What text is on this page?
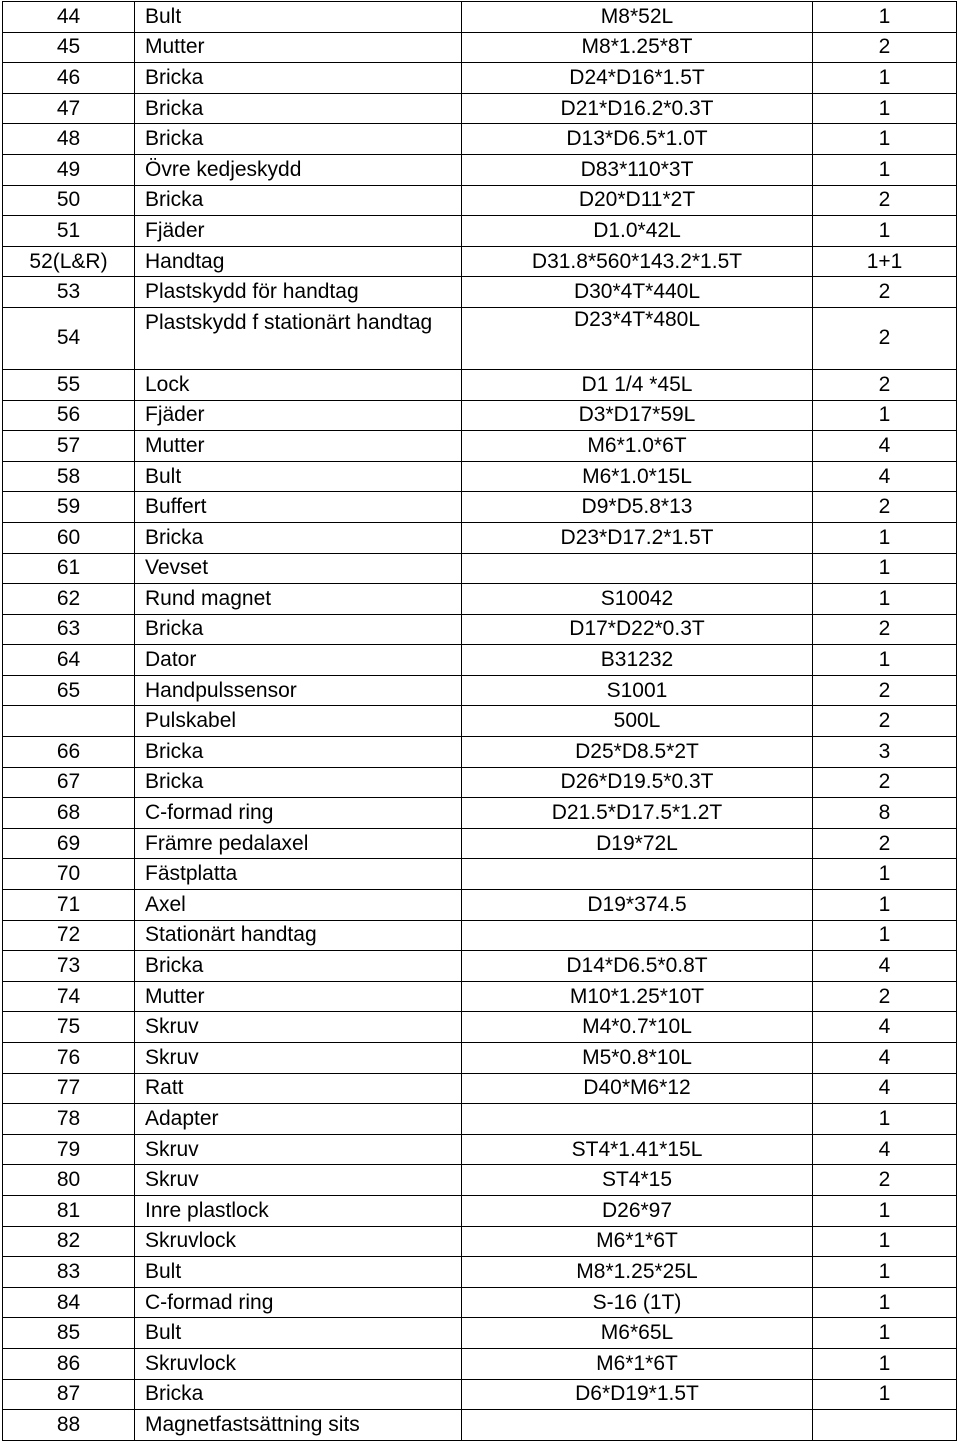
44	Bult	M8*52L	1
45	Mutter	M8*1.25*8T	2
46	Bricka	D24*D16*1.5T	1
47	Bricka	D21*D16.2*0.3T	1
48	Bricka	D13*D6.5*1.0T	1
49	Övre kedjeskydd	D83*110*3T	1
50	Bricka	D20*D11*2T	2
51	Fjäder	D1.0*42L	1
52(L&R)	Handtag	D31.8*560*143.2*1.5T	1+1
53	Plastskydd för handtag	D30*4T*440L	2
54	Plastskydd f stationärt handtag	D23*4T*480L	2
55	Lock	D1 1/4 *45L	2
56	Fjäder	D3*D17*59L	1
57	Mutter	M6*1.0*6T	4
58	Bult	M6*1.0*15L	4
59	Buffert	D9*D5.8*13	2
60	Bricka	D23*D17.2*1.5T	1
61	Vevset		1
62	Rund magnet	S10042	1
63	Bricka	D17*D22*0.3T	2
64	Dator	B31232	1
65	Handpulssensor	S1001	2
	Pulskabel	500L	2
66	Bricka	D25*D8.5*2T	3
67	Bricka	D26*D19.5*0.3T	2
68	C-formad ring	D21.5*D17.5*1.2T	8
69	Främre pedalaxel	D19*72L	2
70	Fästplatta		1
71	Axel	D19*374.5	1
72	Stationärt handtag		1
73	Bricka	D14*D6.5*0.8T	4
74	Mutter	M10*1.25*10T	2
75	Skruv	M4*0.7*10L	4
76	Skruv	M5*0.8*10L	4
77	Ratt	D40*M6*12	4
78	Adapter		1
79	Skruv	ST4*1.41*15L	4
80	Skruv	ST4*15	2
81	Inre plastlock	D26*97	1
82	Skruvlock	M6*1*6T	1
83	Bult	M8*1.25*25L	1
84	C-formad ring	S-16 (1T)	1
85	Bult	M6*65L	1
86	Skruvlock	M6*1*6T	1
87	Bricka	D6*D19*1.5T	1
88	Magnetfastsättning sits		
